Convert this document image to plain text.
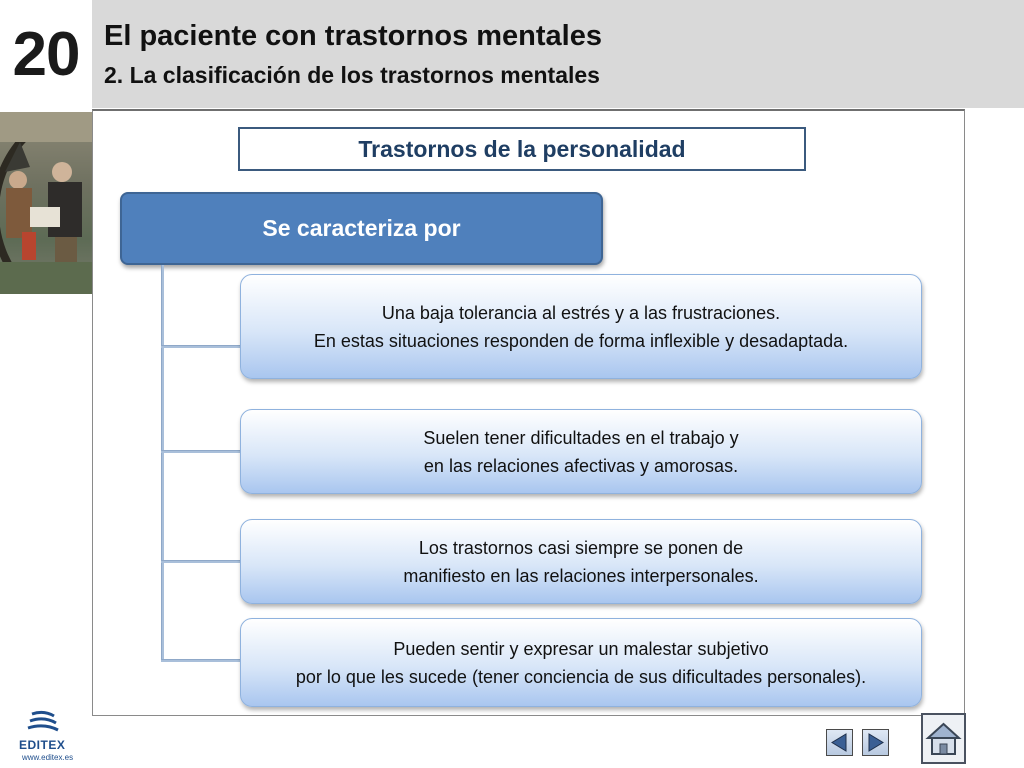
20 El paciente con trastornos mentales
2. La clasificación de los trastornos mentales
Trastornos de la personalidad
Se caracteriza por
Una baja tolerancia al estrés y a las frustraciones.
En estas situaciones responden de forma inflexible y desadaptada.
Suelen tener dificultades en el trabajo y
en las relaciones afectivas y amorosas.
Los trastornos casi siempre se ponen de
manifiesto en las relaciones interpersonales.
Pueden sentir y expresar un malestar subjetivo
por lo que les sucede (tener conciencia de sus dificultades personales).
EDITEX
www.editex.es
